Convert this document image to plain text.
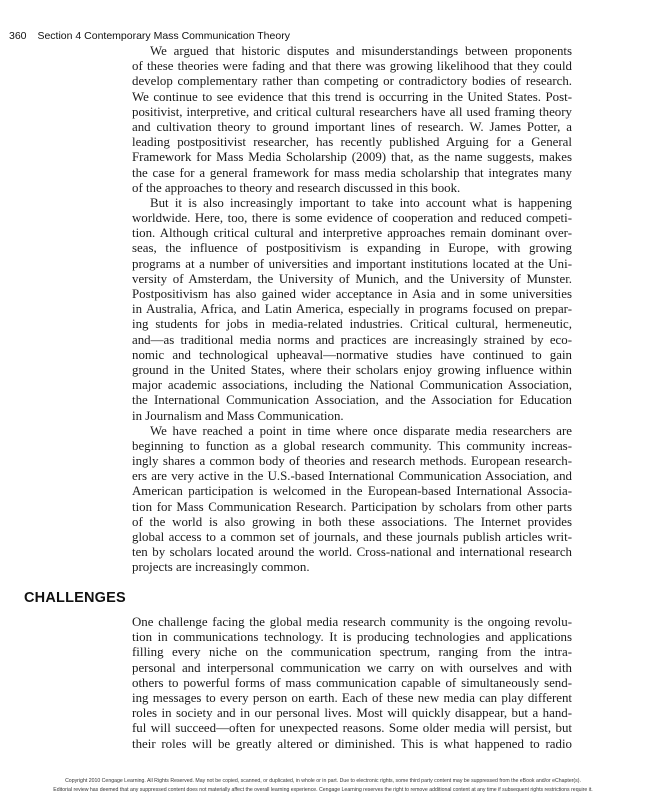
360 Section 4 Contemporary Mass Communication Theory
We argued that historic disputes and misunderstandings between proponents
of these theories were fading and that there was growing likelihood that they could
develop complementary rather than competing or contradictory bodies of research.
We continue to see evidence that this trend is occurring in the United States. Post-
positivist, interpretive, and critical cultural researchers have all used framing theory
and cultivation theory to ground important lines of research. W. James Potter, a
leading postpositivist researcher, has recently published Arguing for a General
Framework for Mass Media Scholarship (2009) that, as the name suggests, makes
the case for a general framework for mass media scholarship that integrates many
of the approaches to theory and research discussed in this book.
But it is also increasingly important to take into account what is happening
worldwide. Here, too, there is some evidence of cooperation and reduced competi-
tion. Although critical cultural and interpretive approaches remain dominant over-
seas, the influence of postpositivism is expanding in Europe, with growing
programs at a number of universities and important institutions located at the Uni-
versity of Amsterdam, the University of Munich, and the University of Munster.
Postpositivism has also gained wider acceptance in Asia and in some universities
in Australia, Africa, and Latin America, especially in programs focused on prepar-
ing students for jobs in media-related industries. Critical cultural, hermeneutic,
and—as traditional media norms and practices are increasingly strained by eco-
nomic and technological upheaval—normative studies have continued to gain
ground in the United States, where their scholars enjoy growing influence within
major academic associations, including the National Communication Association,
the International Communication Association, and the Association for Education
in Journalism and Mass Communication.
We have reached a point in time where once disparate media researchers are
beginning to function as a global research community. This community increas-
ingly shares a common body of theories and research methods. European research-
ers are very active in the U.S.-based International Communication Association, and
American participation is welcomed in the European-based International Associa-
tion for Mass Communication Research. Participation by scholars from other parts
of the world is also growing in both these associations. The Internet provides
global access to a common set of journals, and these journals publish articles writ-
ten by scholars located around the world. Cross-national and international research
projects are increasingly common.
CHALLENGES
One challenge facing the global media research community is the ongoing revolu-
tion in communications technology. It is producing technologies and applications
filling every niche on the communication spectrum, ranging from the intra-
personal and interpersonal communication we carry on with ourselves and with
others to powerful forms of mass communication capable of simultaneously send-
ing messages to every person on earth. Each of these new media can play different
roles in society and in our personal lives. Most will quickly disappear, but a hand-
ful will succeed—often for unexpected reasons. Some older media will persist, but
their roles will be greatly altered or diminished. This is what happened to radio
Copyright 2010 Cengage Learning. All Rights Reserved. May not be copied, scanned, or duplicated, in whole or in part. Due to electronic rights, some third party content may be suppressed from the eBook and/or eChapter(s).
Editorial review has deemed that any suppressed content does not materially affect the overall learning experience. Cengage Learning reserves the right to remove additional content at any time if subsequent rights restrictions require it.
